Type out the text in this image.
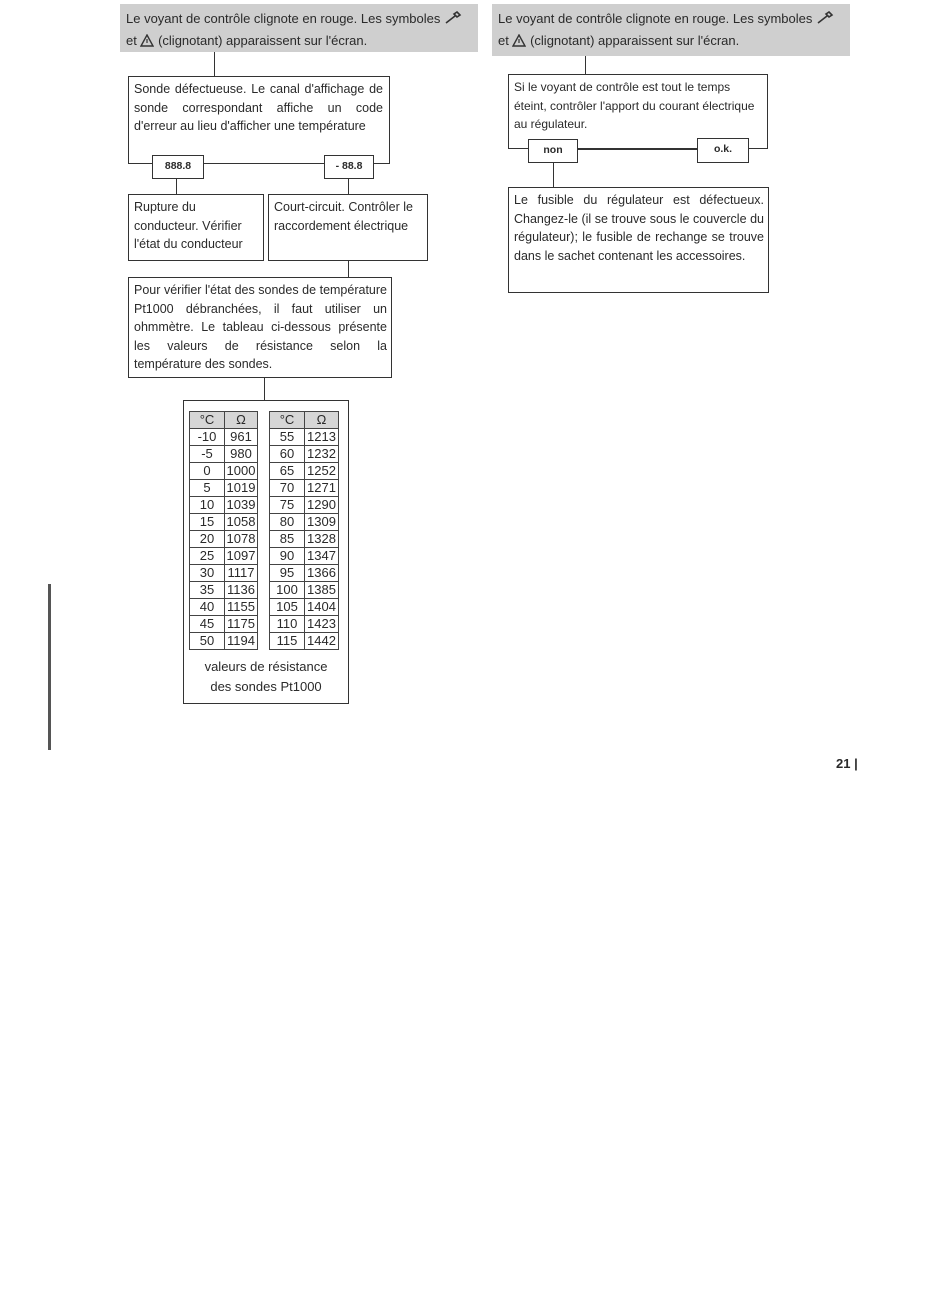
Le voyant de contrôle clignote en rouge. Les symboles
et (clignotant) apparaissent sur l'écran.
Sonde défectueuse. Le canal d'affichage de sonde correspondant affiche un code d'erreur au lieu d'afficher une température
888.8	- 88.8
Rupture du conducteur. Vérifier l'état du conducteur
Court-circuit. Contrôler le raccordement électrique
Pour vérifier l'état des sondes de température Pt1000 débranchées, il faut utiliser un ohmmètre. Le tableau ci-dessous présente les valeurs de résistance selon la température des sondes.
°C	Ω
-10	961
-5	980
0	1000
5	1019
10	1039
15	1058
20	1078
25	1097
30	1117
35	1136
40	1155
45	1175
50	1194
°C	Ω
55	1213
60	1232
65	1252
70	1271
75	1290
80	1309
85	1328
90	1347
95	1366
100	1385
105	1404
110	1423
115	1442
valeurs de résistance
des sondes Pt1000
Le voyant de contrôle clignote en rouge. Les symboles
et (clignotant) apparaissent sur l'écran.
Si le voyant de contrôle est tout le temps éteint, contrôler l'apport du courant électrique au régulateur.
non	o.k.
Le fusible du régulateur est défectueux. Changez-le (il se trouve sous le couvercle du régulateur); le fusible de rechange se trouve dans le sachet contenant les accessoires.
21 |
